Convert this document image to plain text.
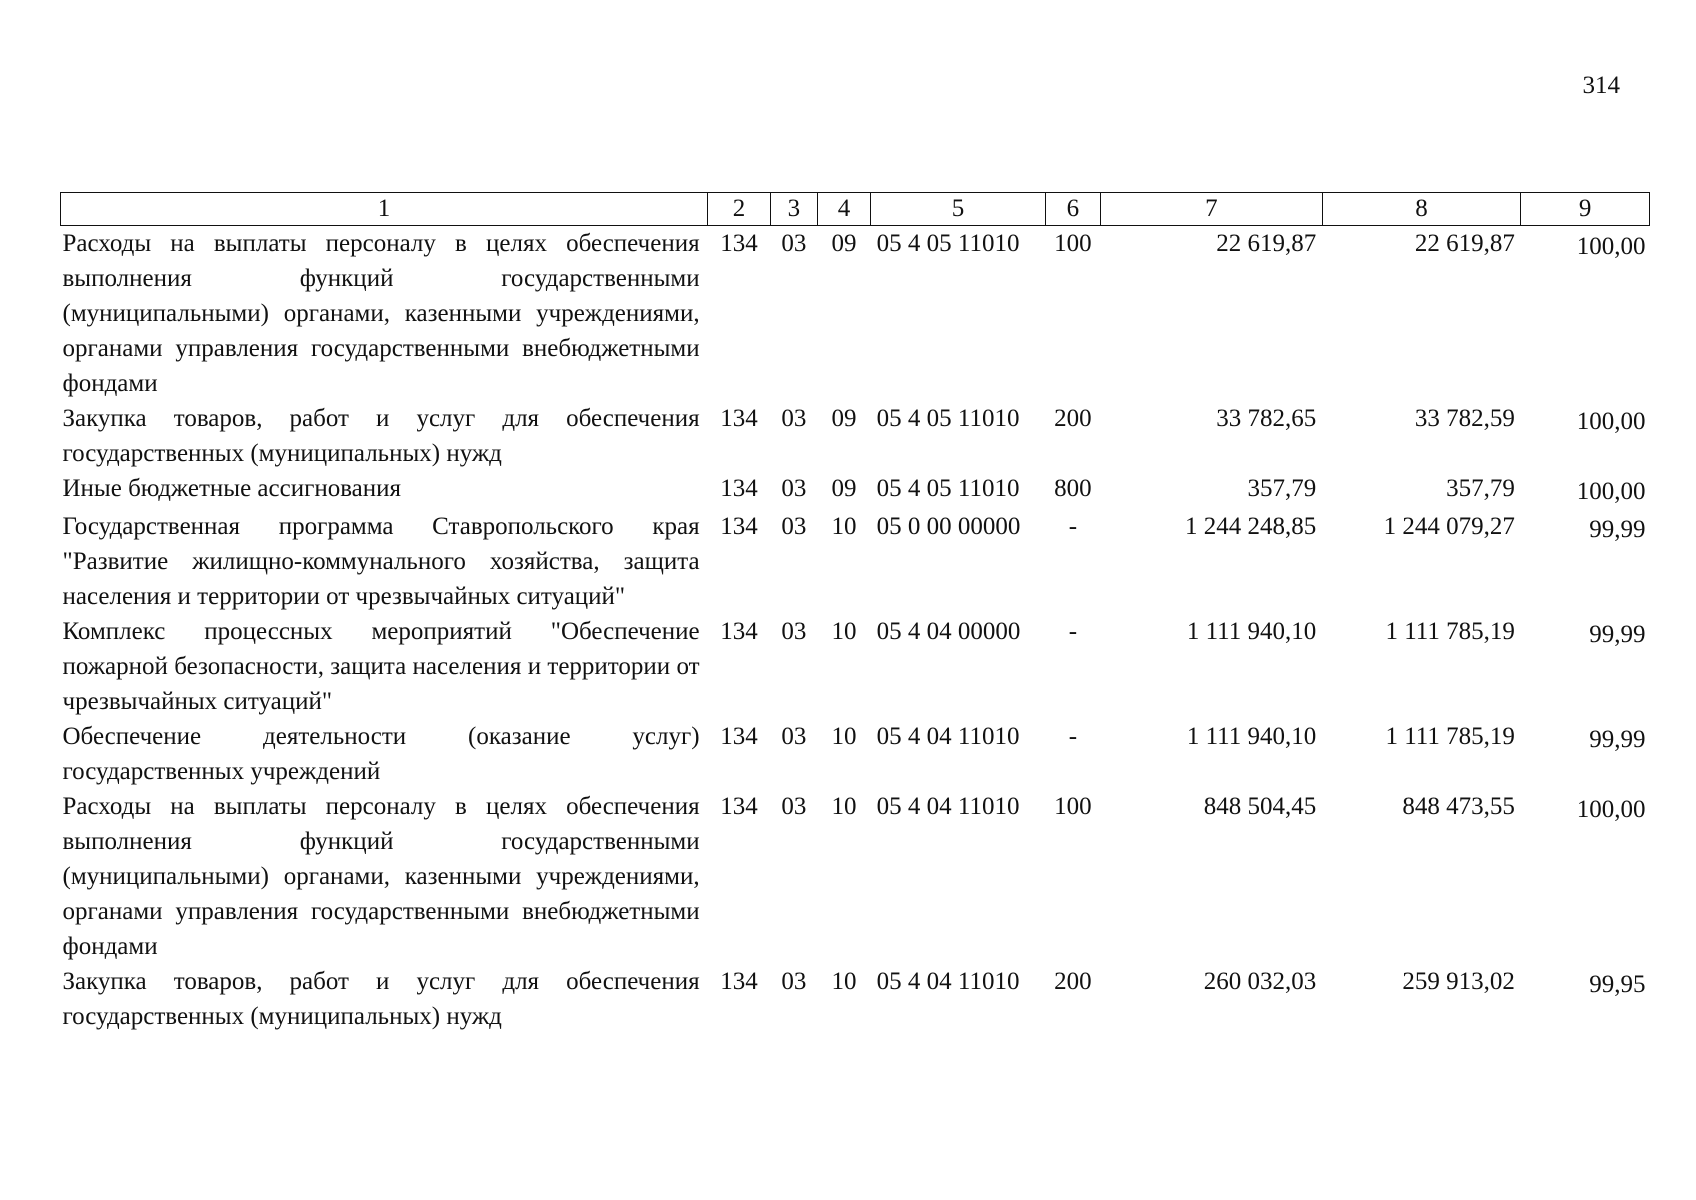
314
1	2	3	4	5	6	7	8	9
Расходы на выплаты персоналу в целях обеспечения выполнения функций государственными (муниципальными) органами, казенными учреждениями, органами управления государственными внебюджетными фондами	134	03	09	05 4 05 11010	100	22 619,87	22 619,87	100,00
Закупка товаров, работ и услуг для обеспечения государственных (муниципальных) нужд	134	03	09	05 4 05 11010	200	33 782,65	33 782,59	100,00
Иные бюджетные ассигнования	134	03	09	05 4 05 11010	800	357,79	357,79	100,00
Государственная программа Ставропольского края "Развитие жилищно-коммунального хозяйства, защита населения и территории от чрезвычайных ситуаций"	134	03	10	05 0 00 00000	-	1 244 248,85	1 244 079,27	99,99
Комплекс процессных мероприятий "Обеспечение пожарной безопасности, защита населения и территории от чрезвычайных ситуаций"	134	03	10	05 4 04 00000	-	1 111 940,10	1 111 785,19	99,99
Обеспечение деятельности (оказание услуг) государственных учреждений	134	03	10	05 4 04 11010	-	1 111 940,10	1 111 785,19	99,99
Расходы на выплаты персоналу в целях обеспечения выполнения функций государственными (муниципальными) органами, казенными учреждениями, органами управления государственными внебюджетными фондами	134	03	10	05 4 04 11010	100	848 504,45	848 473,55	100,00
Закупка товаров, работ и услуг для обеспечения государственных (муниципальных) нужд	134	03	10	05 4 04 11010	200	260 032,03	259 913,02	99,95
